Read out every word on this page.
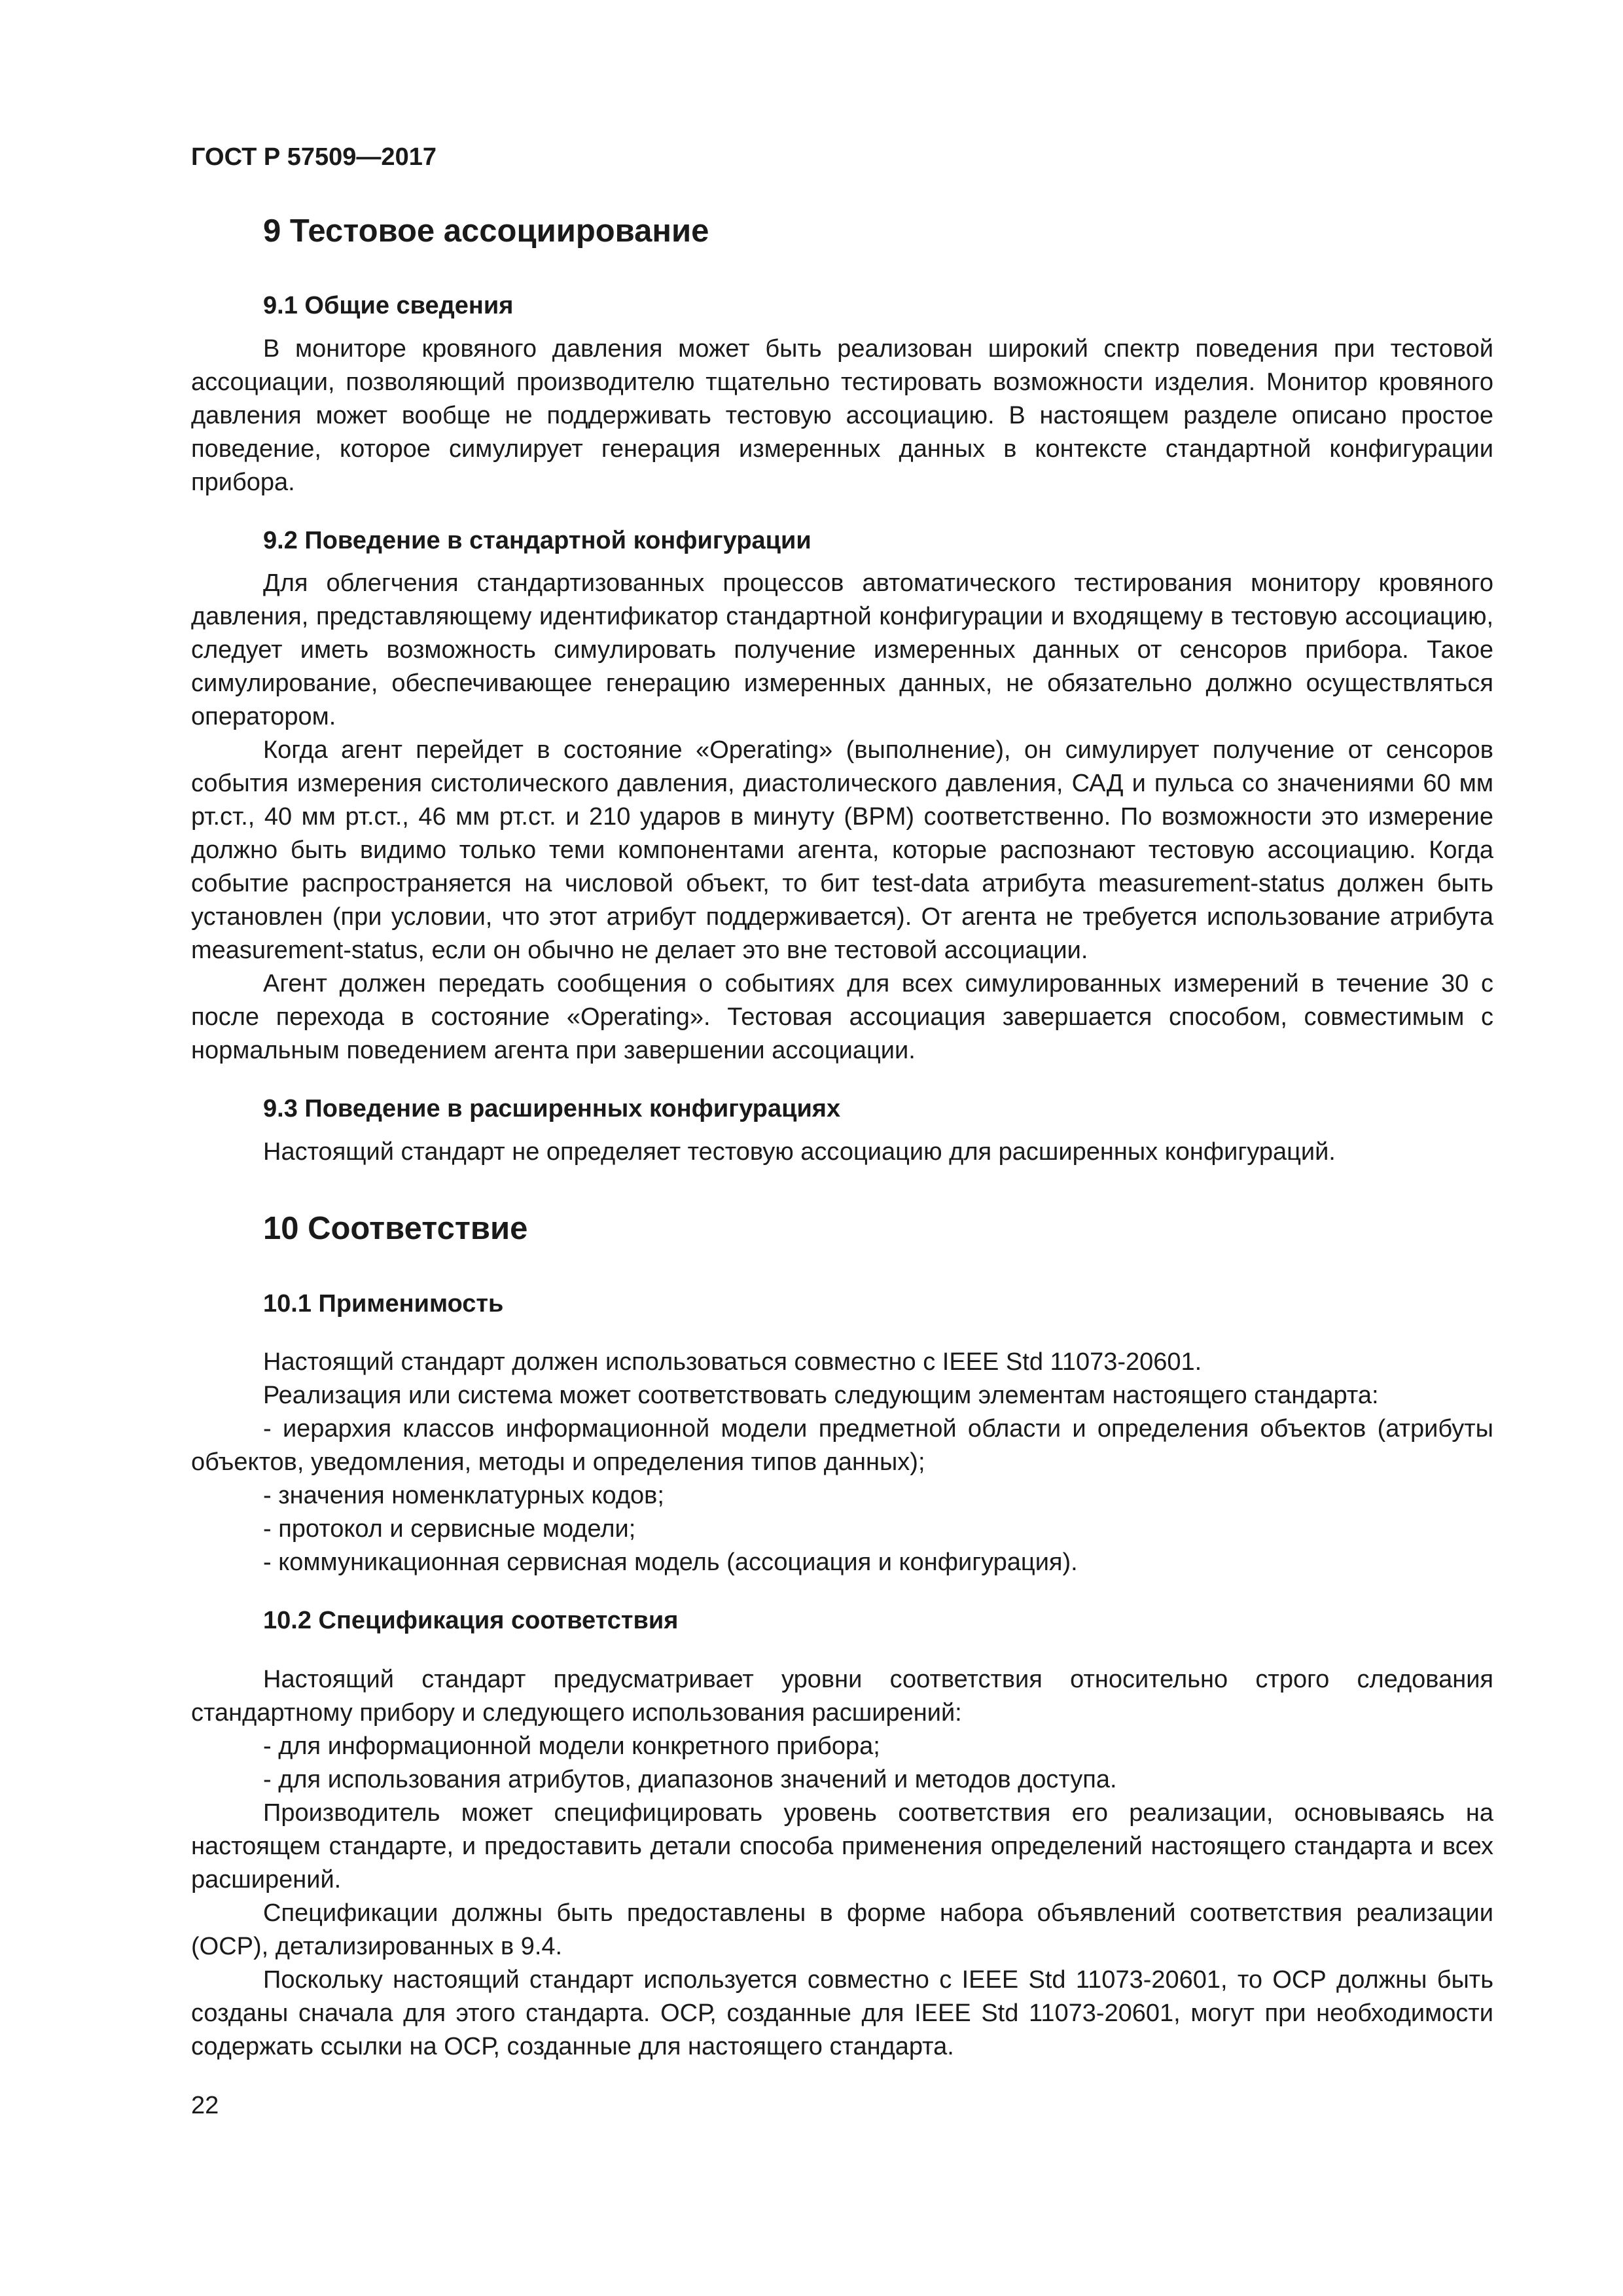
ГОСТ Р 57509—2017
9 Тестовое ассоциирование
9.1 Общие сведения

В мониторе кровяного давления может быть реализован широкий спектр поведения при тестовой ассоциации, позволяющий производителю тщательно тестировать возможности изделия. Монитор кровяного давления может вообще не поддерживать тестовую ассоциацию. В настоящем разделе описано простое поведение, которое симулирует генерация измеренных данных в контексте стандартной конфигурации прибора.

9.2 Поведение в стандартной конфигурации

Для облегчения стандартизованных процессов автоматического тестирования монитору кровяного давления, представляющему идентификатор стандартной конфигурации и входящему в тестовую ассоциацию, следует иметь возможность симулировать получение измеренных данных от сенсоров прибора. Такое симулирование, обеспечивающее генерацию измеренных данных, не обязательно должно осуществляться оператором.

Когда агент перейдет в состояние «Operating» (выполнение), он симулирует получение от сенсоров события измерения систолического давления, диастолического давления, САД и пульса со значениями 60 мм рт.ст., 40 мм рт.ст., 46 мм рт.ст. и 210 ударов в минуту (BPM) соответственно. По возможности это измерение должно быть видимо только теми компонентами агента, которые распознают тестовую ассоциацию. Когда событие распространяется на числовой объект, то бит test-data атрибута measurement-status должен быть установлен (при условии, что этот атрибут поддерживается). От агента не требуется использование атрибута measurement-status, если он обычно не делает это вне тестовой ассоциации.

Агент должен передать сообщения о событиях для всех симулированных измерений в течение 30 с после перехода в состояние «Operating». Тестовая ассоциация завершается способом, совместимым с нормальным поведением агента при завершении ассоциации.

9.3 Поведение в расширенных конфигурациях

Настоящий стандарт не определяет тестовую ассоциацию для расширенных конфигураций.

10 Соответствие
10.1 Применимость

Настоящий стандарт должен использоваться совместно с IEEE Std 11073-20601.

Реализация или система может соответствовать следующим элементам настоящего стандарта:

- иерархия классов информационной модели предметной области и определения объектов (атрибуты объектов, уведомления, методы и определения типов данных);

- значения номенклатурных кодов;

- протокол и сервисные модели;

- коммуникационная сервисная модель (ассоциация и конфигурация).

10.2 Спецификация соответствия

Настоящий стандарт предусматривает уровни соответствия относительно строго следования стандартному прибору и следующего использования расширений:

- для информационной модели конкретного прибора;

- для использования атрибутов, диапазонов значений и методов доступа.

Производитель может специфицировать уровень соответствия его реализации, основываясь на настоящем стандарте, и предоставить детали способа применения определений настоящего стандарта и всех расширений.

Спецификации должны быть предоставлены в форме набора объявлений соответствия реализации (ОСР), детализированных в 9.4.

Поскольку настоящий стандарт используется совместно с IEEE Std 11073-20601, то ОСР должны быть созданы сначала для этого стандарта. ОСР, созданные для IEEE Std 11073-20601, могут при необходимости содержать ссылки на ОСР, созданные для настоящего стандарта.

22
